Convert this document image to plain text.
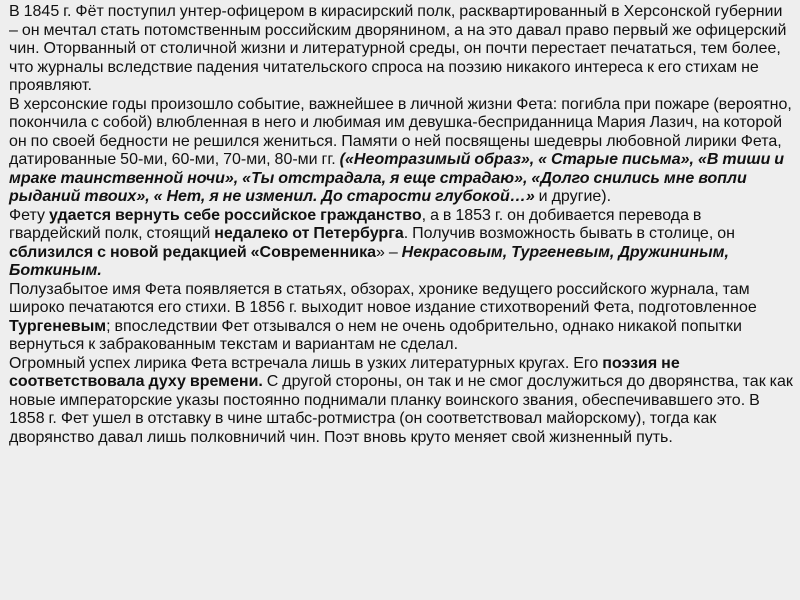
В 1845 г. Фёт поступил унтер-офицером в кирасирский полк, расквартированный в Херсонской губернии – он мечтал стать потомственным российским дворянином, а на это давал право первый же офицерский чин. Оторванный от столичной жизни и литературной среды, он почти перестает печататься, тем более, что журналы вследствие падения читательского спроса на поэзию никакого интереса к его стихам не проявляют.

В херсонские годы произошло событие, важнейшее в личной жизни Фета: погибла при пожаре (вероятно, покончила с собой) влюбленная в него и любимая им девушка-бесприданница Мария Лазич, на которой он по своей бедности не решился жениться. Памяти о ней посвящены шедевры любовной лирики Фета, датированные 50-ми, 60-ми, 70-ми, 80-ми гг. («Неотразимый образ», « Старые письма», «В тиши и мраке таинственной ночи», «Ты отстрадала, я еще страдаю», «Долго снились мне вопли рыданий твоих», « Нет, я не изменил. До старости глубокой…» и другие).

Фету удается вернуть себе российское гражданство, а в 1853 г. он добивается перевода в гвардейский полк, стоящий недалеко от Петербурга. Получив возможность бывать в столице, он сблизился с новой редакцией «Современника» – Некрасовым, Тургеневым, Дружининым, Боткиным.

Полузабытое имя Фета появляется в статьях, обзорах, хронике ведущего российского журнала, там широко печатаются его стихи. В 1856 г. выходит новое издание стихотворений Фета, подготовленное Тургеневым; впоследствии Фет отзывался о нем не очень одобрительно, однако никакой попытки вернуться к забракованным текстам и вариантам не сделал.

Огромный успех лирика Фета встречала лишь в узких литературных кругах. Его поэзия не соответствовала духу времени. С другой стороны, он так и не смог дослужиться до дворянства, так как новые императорские указы постоянно поднимали планку воинского звания, обеспечивавшего это. В 1858 г. Фет ушел в отставку в чине штабс-ротмистра (он соответствовал майорскому), тогда как дворянство давал лишь полковничий чин. Поэт вновь круто меняет свой жизненный путь.
